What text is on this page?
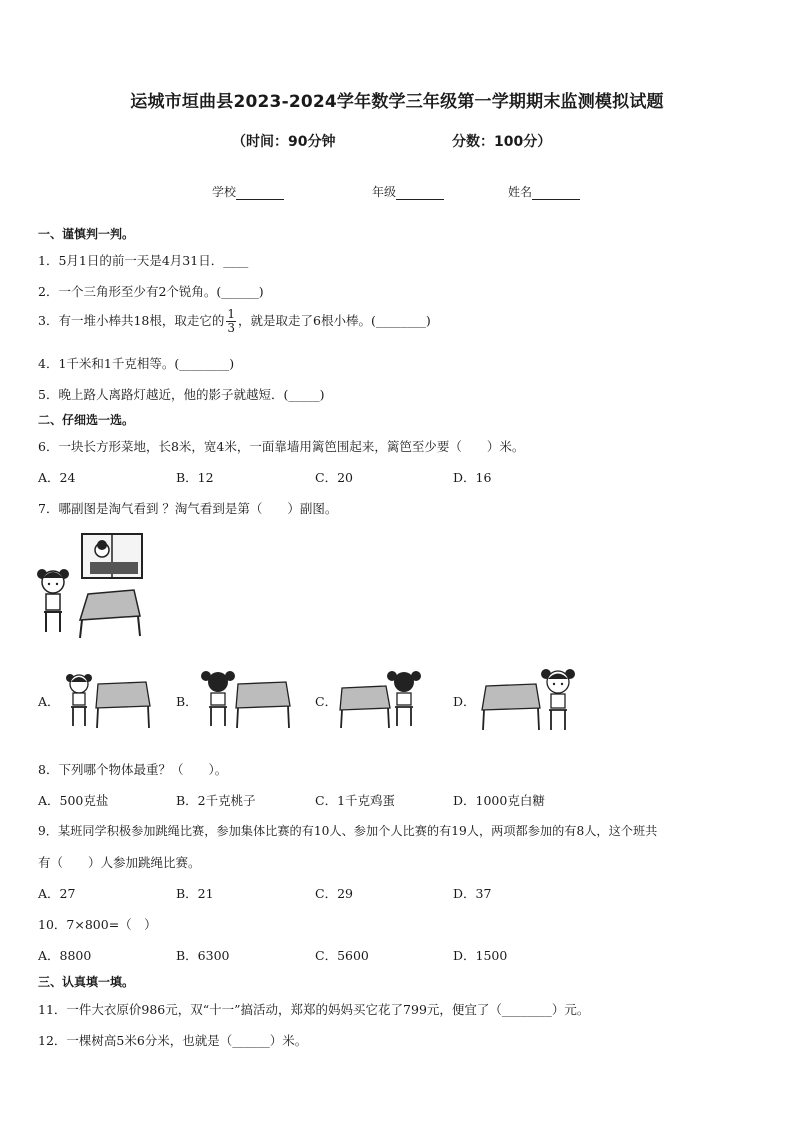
运城市垣曲县2023-2024学年数学三年级第一学期期末监测模拟试题
（时间：90分钟	分数：100分）
学校	年级	姓名
一、谨慎判一判。
1．5月1日的前一天是4月31日．____
2．一个三角形至少有2个锐角。(______)
3．有一堆小棒共18根，取走它的 $\frac{1}{3}$ ，就是取走了6根小棒。(________)
4．1千米和1千克相等。(________)
5．晚上路人离路灯越近，他的影子就越短．(_____)
二、仔细选一选。
6．一块长方形菜地，长8米，宽4米，一面靠墙用篱笆围起来，篱笆至少要（　　）米。
A．24	B．12	C．20	D．16
7．哪副图是淘气看到 ？淘气看到是第（　　）副图。
A．	B．	C．	D．
8．下列哪个物体最重？（　　）。
A．500克盐	B．2千克桃子	C．1千克鸡蛋	D．1000克白糖
9．某班同学积极参加跳绳比赛，参加集体比赛的有10人、参加个人比赛的有19人，两项都参加的有8人，这个班共
有（　　）人参加跳绳比赛。
A．27	B．21	C．29	D．37
10．7×800=（　）
A．8800	B．6300	C．5600	D．1500
三、认真填一填。
11．一件大衣原价986元，双“十一”搞活动，郑郑的妈妈买它花了799元，便宜了（________）元。
12．一棵树高5米6分米，也就是（______）米。
